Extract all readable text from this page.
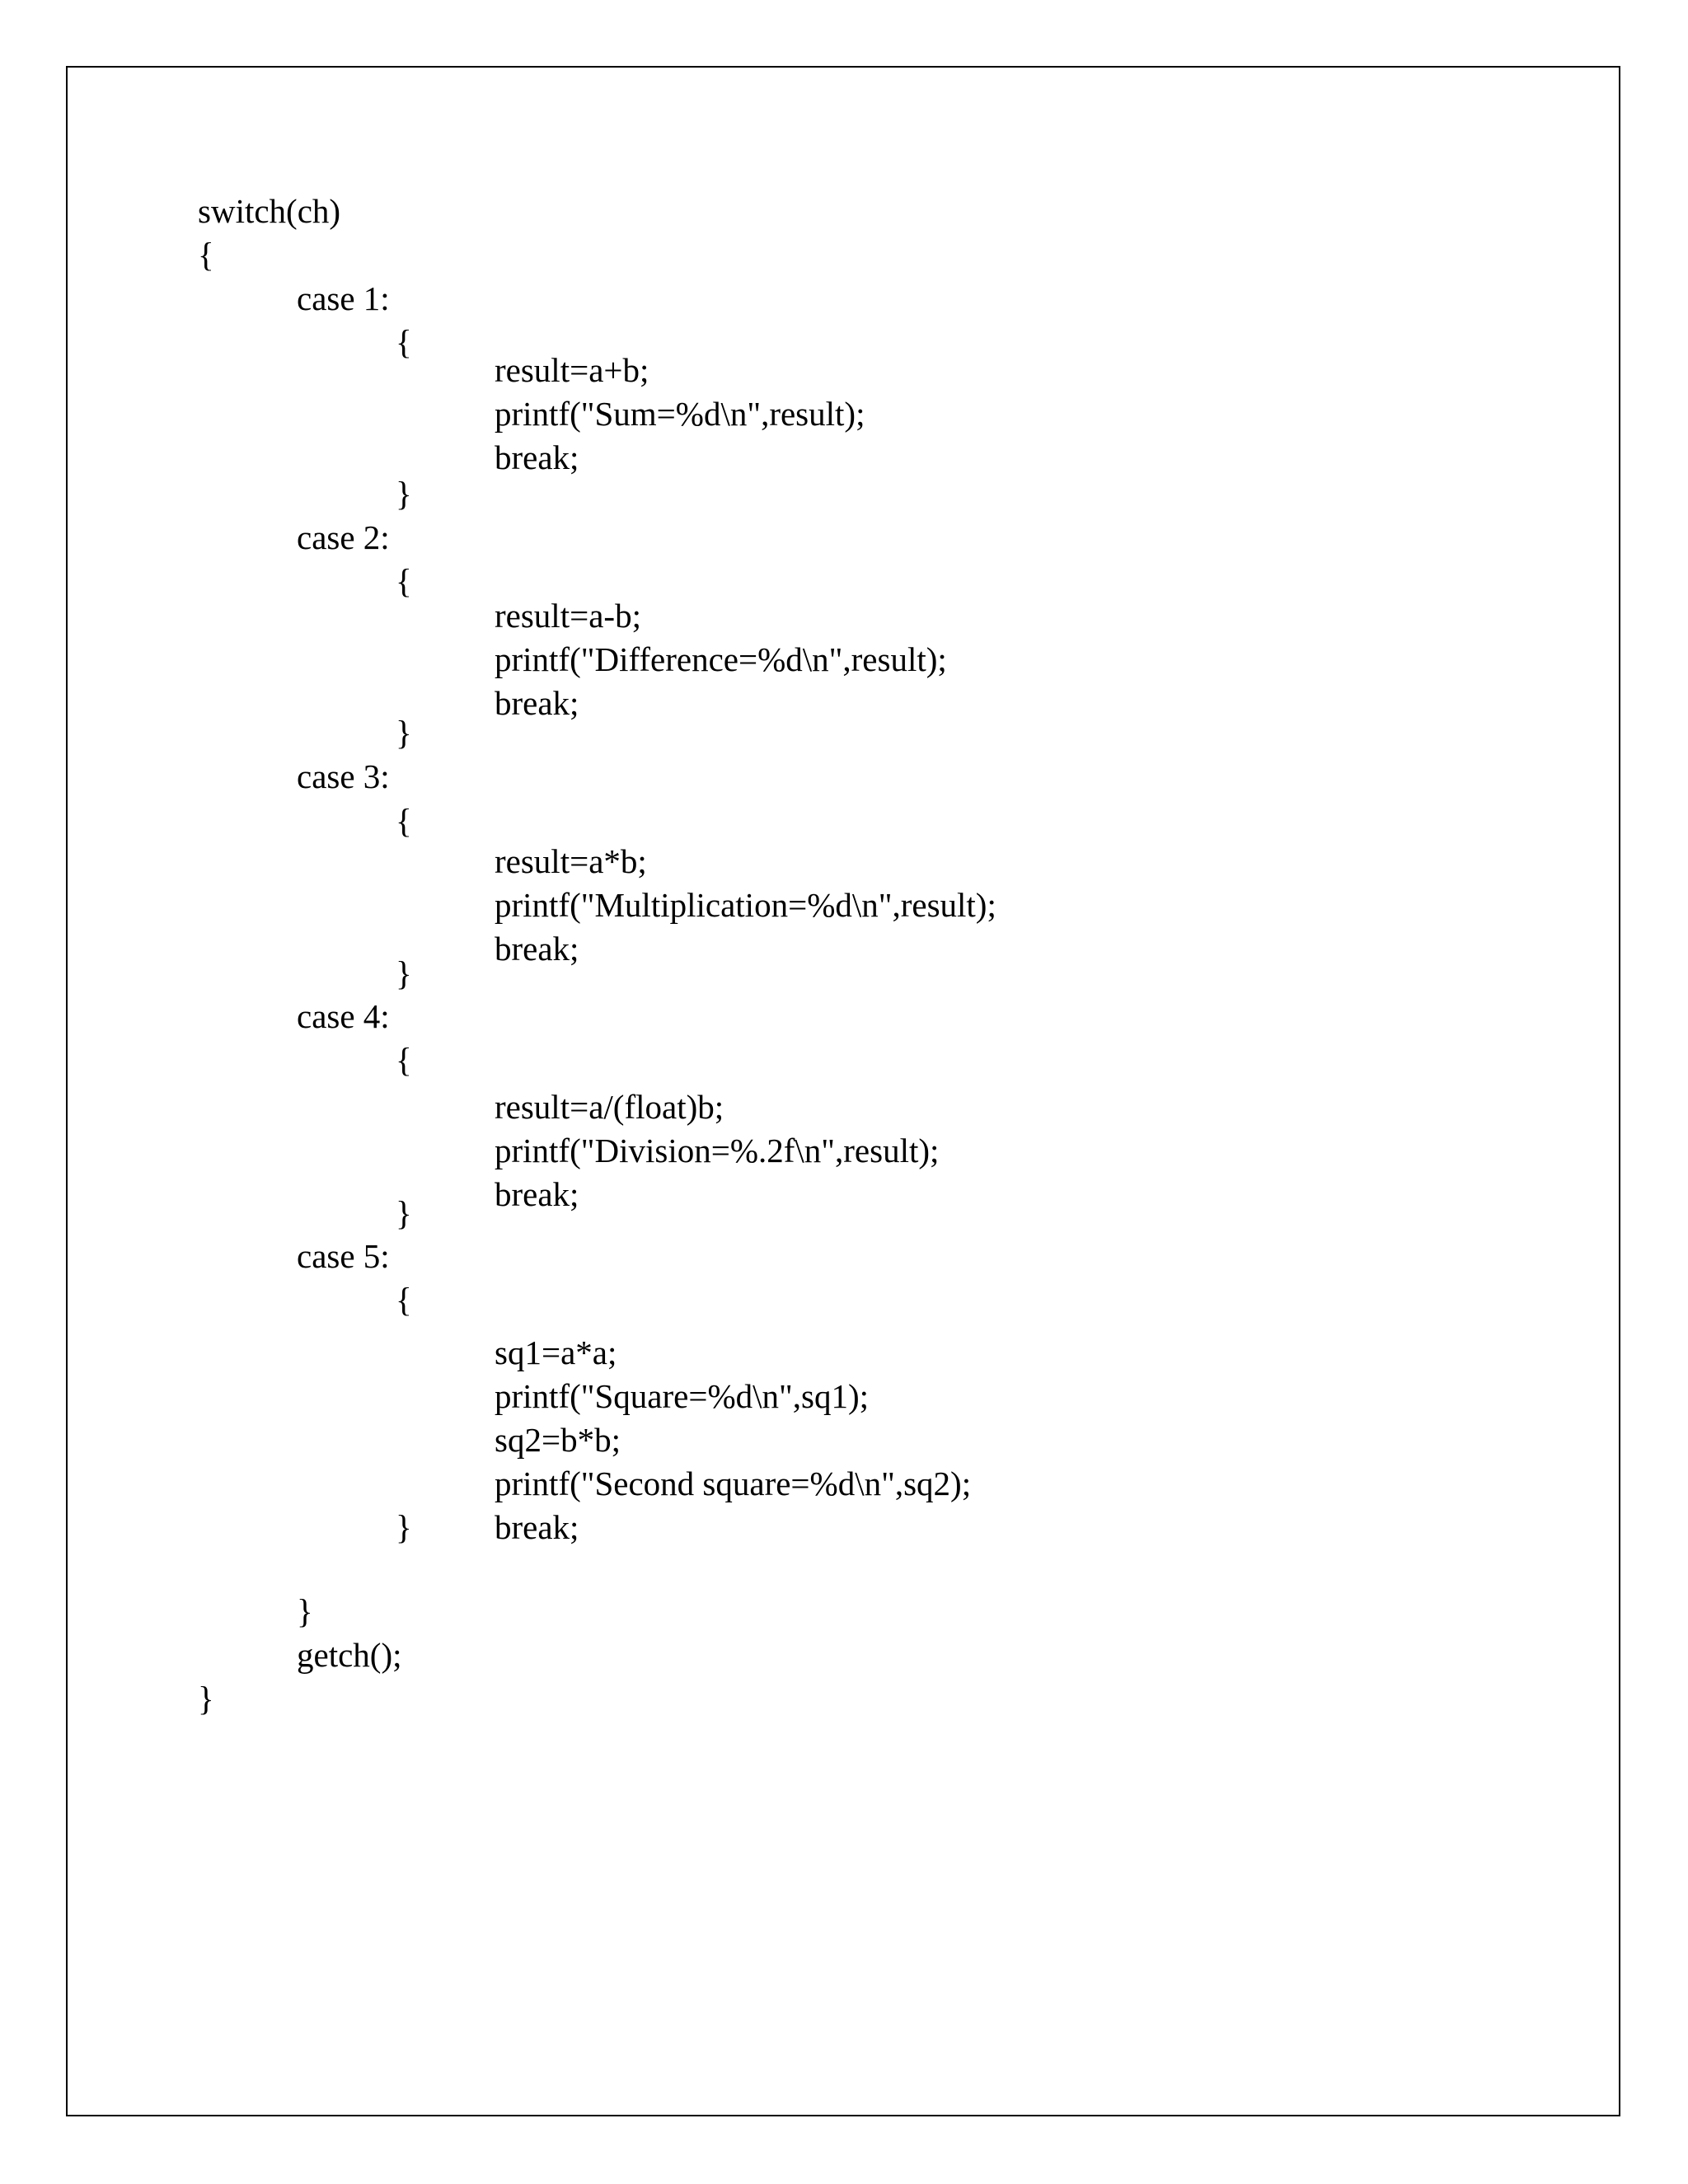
switch(ch)
{
case 1:
{
result=a+b;
printf("Sum=%d\n",result);
break;
}
case 2:
{
result=a-b;
printf("Difference=%d\n",result);
break;
}
case 3:
{
result=a*b;
printf("Multiplication=%d\n",result);
break;
}
case 4:
{
result=a/(float)b;
printf("Division=%.2f\n",result);
break;
}
case 5:
{
sq1=a*a;
printf("Square=%d\n",sq1);
sq2=b*b;
printf("Second square=%d\n",sq2);
break;
}
}
getch();
}
